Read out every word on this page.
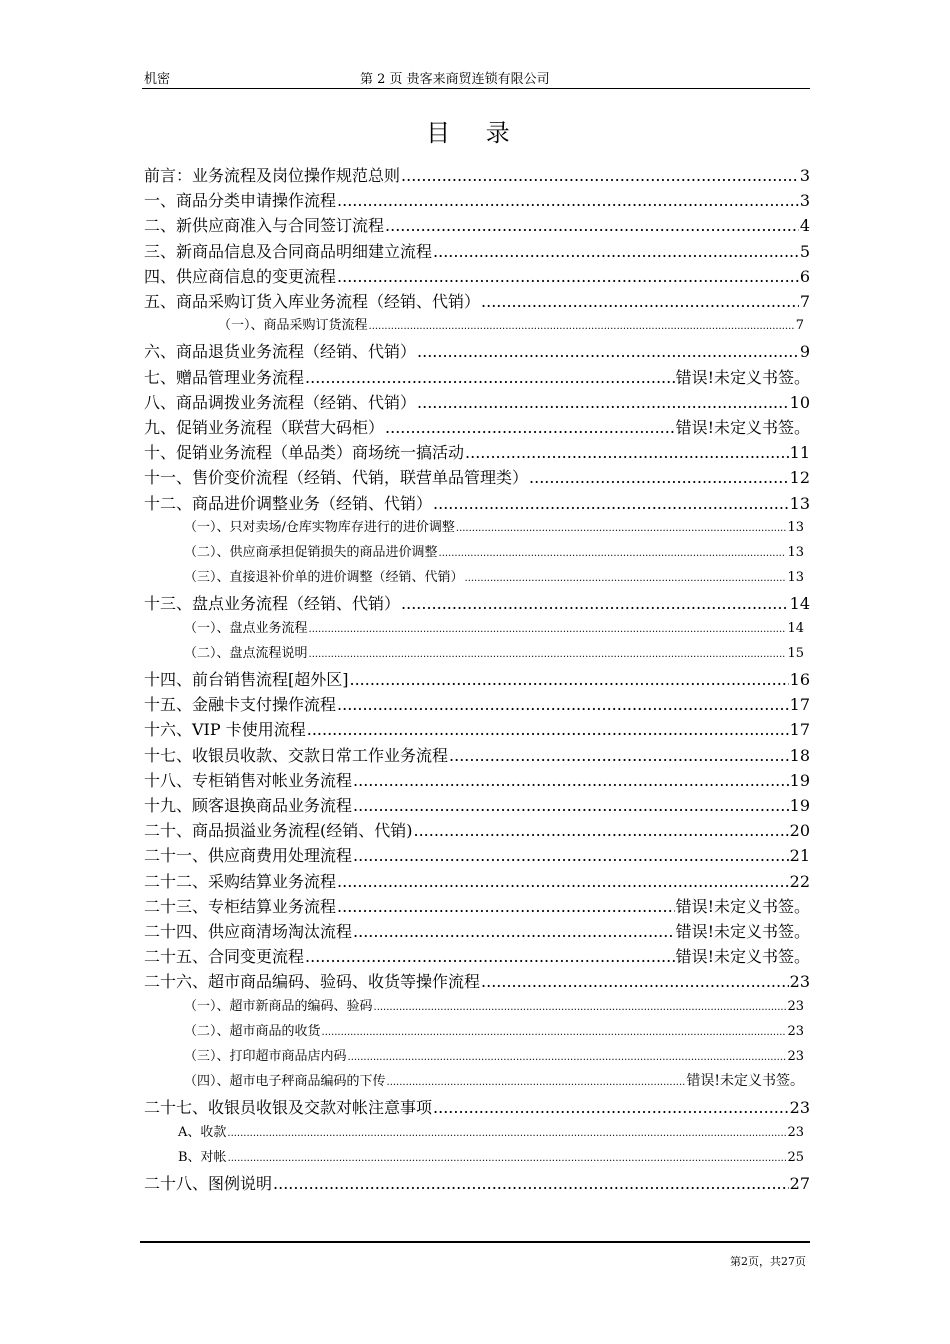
机密	第 2 页 贵客来商贸连锁有限公司
目 录
前言：业务流程及岗位操作规范总则 .....	3
一、商品分类申请操作流程 .....	3
二、新供应商准入与合同签订流程 .....	4
三、新商品信息及合同商品明细建立流程 .....	5
四、供应商信息的变更流程 .....	6
五、商品采购订货入库业务流程（经销、代销） .....	7
（一）、商品采购订货流程 .....	7
六、商品退货业务流程（经销、代销） .....	9
七、赠品管理业务流程 .....	错误!未定义书签。
八、商品调拨业务流程（经销、代销） .....	10
九、促销业务流程（联营大码柜） .....	错误!未定义书签。
十、促销业务流程（单品类）商场统一搞活动 .....	11
十一、售价变价流程（经销、代销，联营单品管理类） .....	12
十二、商品进价调整业务（经销、代销） .....	13
（一）、只对卖场/仓库实物库存进行的进价调整 .....	13
（二）、供应商承担促销损失的商品进价调整 .....	13
（三）、直接退补价单的进价调整（经销、代销） .....	13
十三、盘点业务流程（经销、代销） .....	14
（一）、盘点业务流程 .....	14
（二）、盘点流程说明 .....	15
十四、前台销售流程[超外区] .....	16
十五、金融卡支付操作流程 .....	17
十六、VIP 卡使用流程 .....	17
十七、收银员收款、交款日常工作业务流程 .....	18
十八、专柜销售对帐业务流程 .....	19
十九、顾客退换商品业务流程 .....	19
二十、商品损溢业务流程(经销、代销) .....	20
二十一、供应商费用处理流程 .....	21
二十二、采购结算业务流程 .....	22
二十三、专柜结算业务流程 .....	错误!未定义书签。
二十四、供应商清场淘汰流程 .....	错误!未定义书签。
二十五、合同变更流程 .....	错误!未定义书签。
二十六、超市商品编码、验码、收货等操作流程 .....	23
（一）、超市新商品的编码、验码 .....	23
（二）、超市商品的收货 .....	23
（三）、打印超市商品店内码 .....	23
（四）、超市电子秤商品编码的下传 .....	错误!未定义书签。
二十七、收银员收银及交款对帐注意事项 .....	23
A、收款 .....	23
B、对帐 .....	25
二十八、图例说明 .....	27
第2页，共27页
